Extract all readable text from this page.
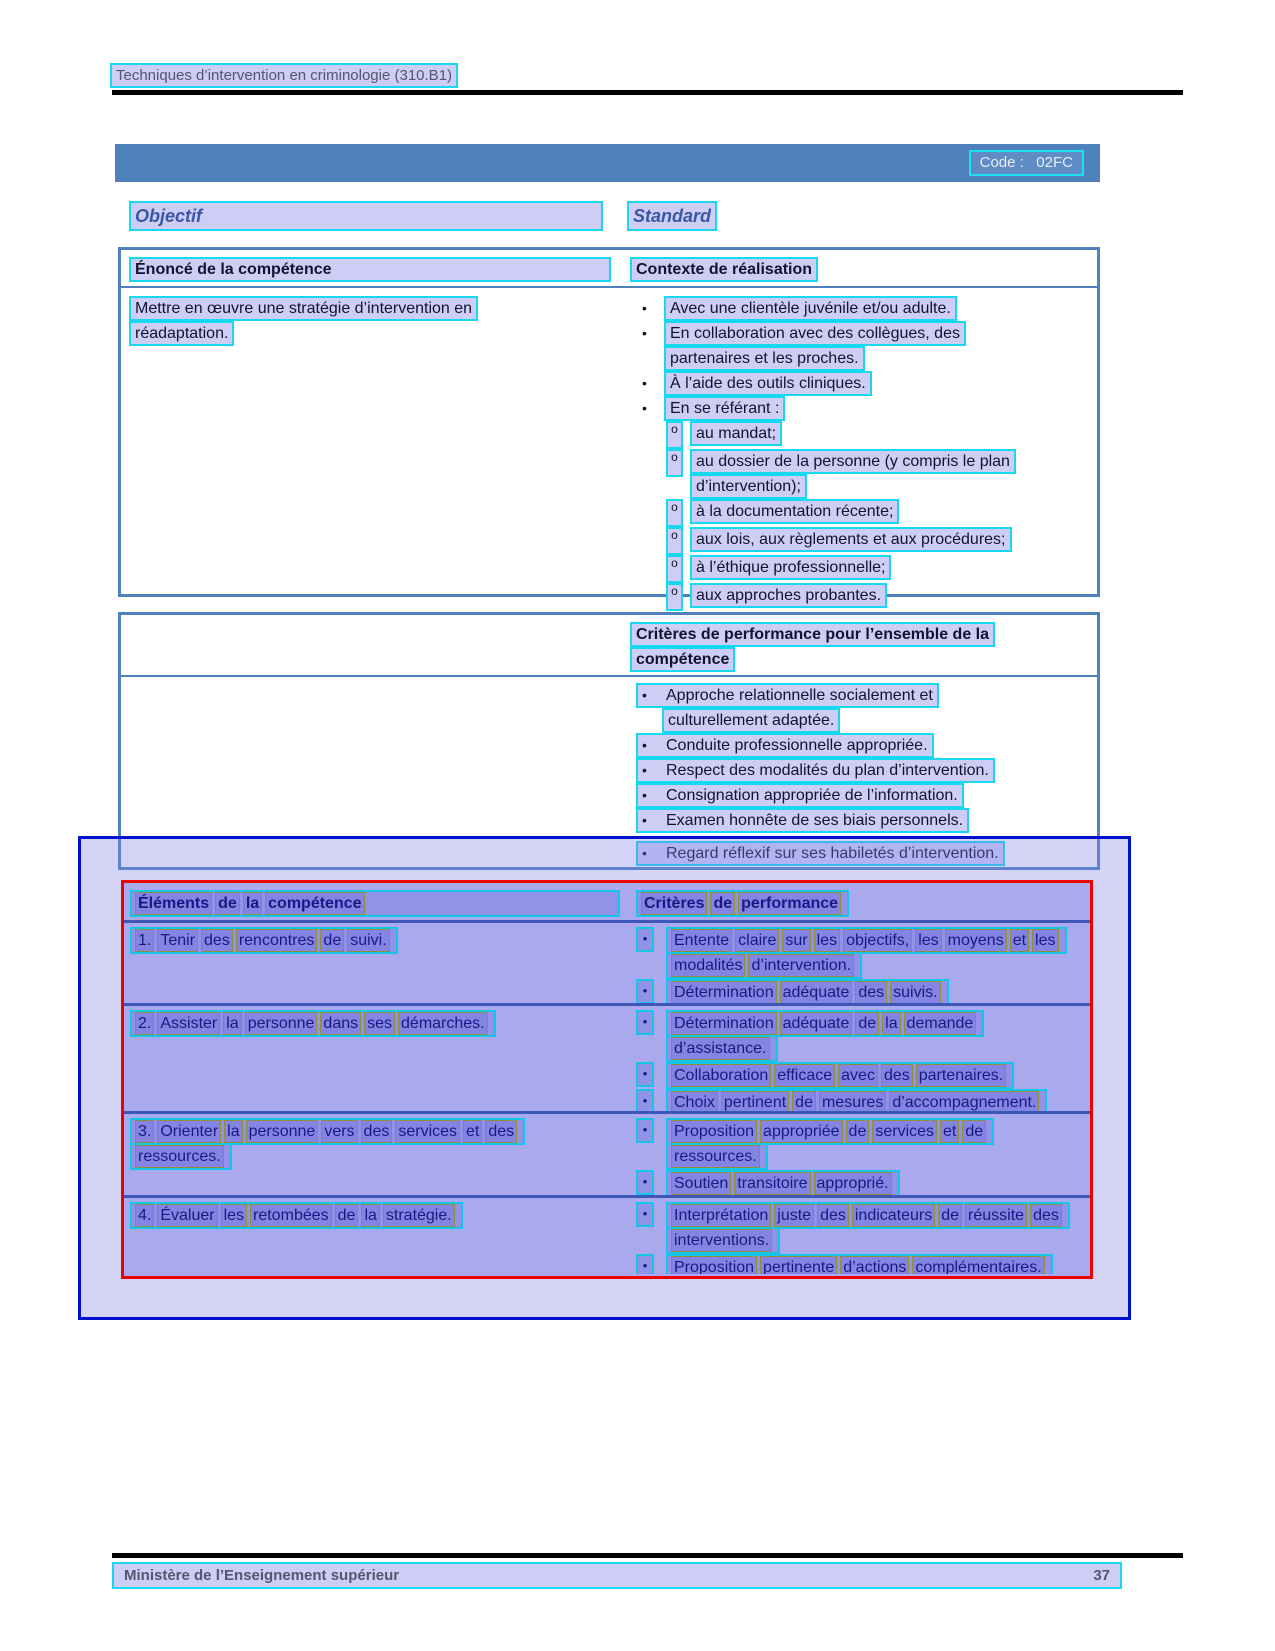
Techniques d’intervention en criminologie (310.B1)
Code :   02FC
Objectif	Standard
Énoncé de la compétence	Contexte de réalisation
Mettre en œuvre une stratégie d’intervention en
réadaptation.
•	Avec une clientèle juvénile et/ou adulte.
•	En collaboration avec des collègues, des
partenaires et les proches.
•	À l’aide des outils cliniques.
•	En se référant :
o	au mandat;
o	au dossier de la personne (y compris le plan
d’intervention);
o	à la documentation récente;
o	aux lois, aux règlements et aux procédures;
o	à l’éthique professionnelle;
o	aux approches probantes.
Critères de performance pour l’ensemble de la
compétence
• Approche relationnelle socialement et
culturellement adaptée.
• Conduite professionnelle appropriée.
• Respect des modalités du plan d’intervention.
• Consignation appropriée de l’information.
• Examen honnête de ses biais personnels.
• Regard réflexif sur ses habiletés d’intervention.
Éléments de la compétence	Critères de performance
1. Tenir des rencontres de suivi.	•	Entente claire sur les objectifs, les moyens et les
modalités d’intervention.
•	Détermination adéquate des suivis.
2. Assister la personne dans ses démarches.	•	Détermination adéquate de la demande
d’assistance.
•	Collaboration efficace avec des partenaires.
•	Choix pertinent de mesures d’accompagnement.
3. Orienter la personne vers des services et des
ressources.
•	Proposition appropriée de services et de
ressources.
•	Soutien transitoire approprié.
4. Évaluer les retombées de la stratégie.	•	Interprétation juste des indicateurs de réussite des
interventions.
•	Proposition pertinente d’actions complémentaires.
Ministère de l’Enseignement supérieur	37
